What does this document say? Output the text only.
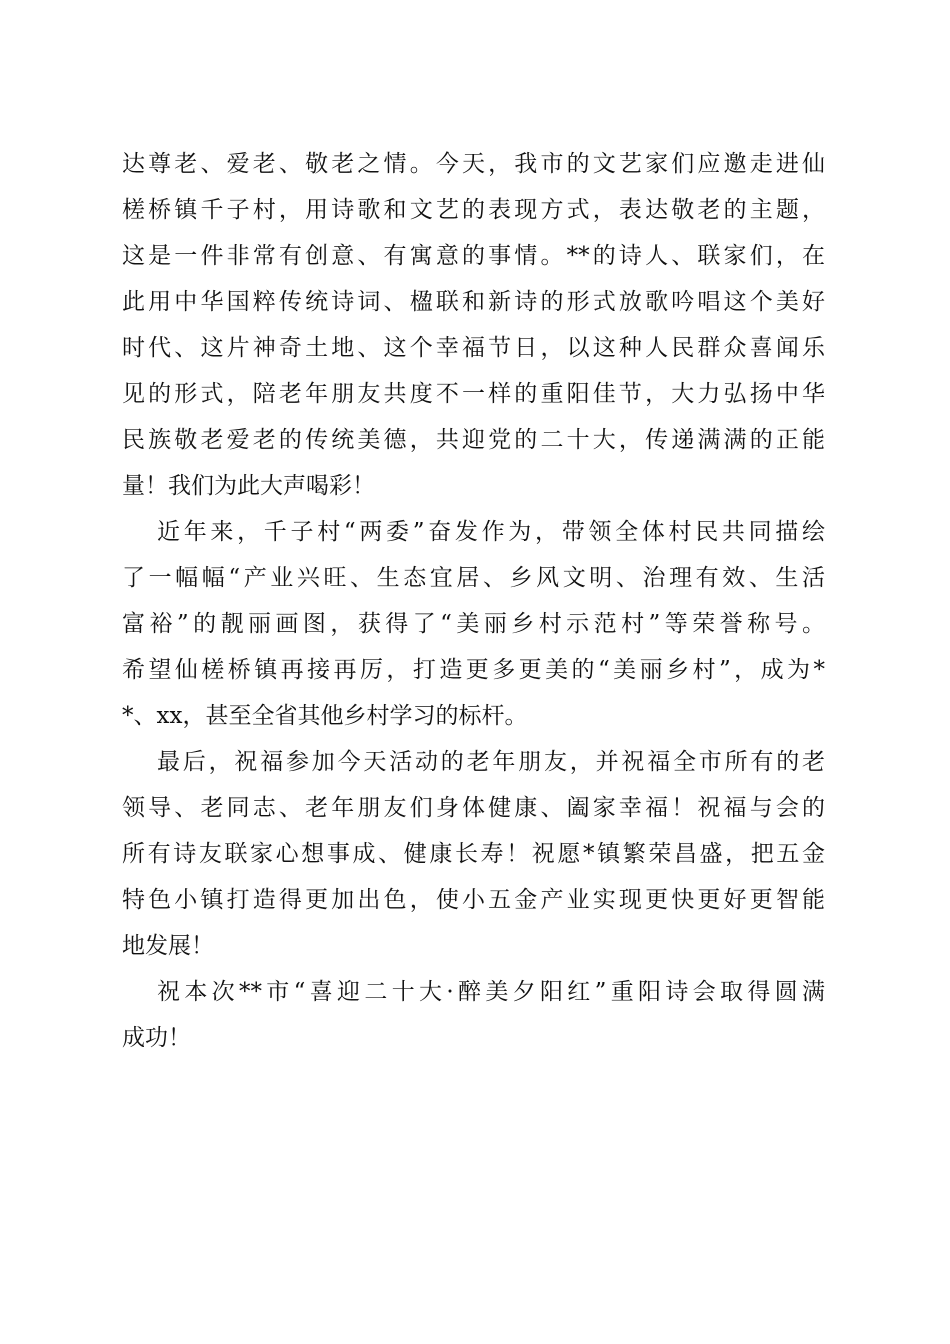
达尊老、爱老、敬老之情。今天，我市的文艺家们应邀走进仙
槎桥镇千子村，用诗歌和文艺的表现方式，表达敬老的主题，
这是一件非常有创意、有寓意的事情。**的诗人、联家们，在
此用中华国粹传统诗词、楹联和新诗的形式放歌吟唱这个美好
时代、这片神奇土地、这个幸福节日，以这种人民群众喜闻乐
见的形式，陪老年朋友共度不一样的重阳佳节，大力弘扬中华
民族敬老爱老的传统美德，共迎党的二十大，传递满满的正能
量！我们为此大声喝彩！
近年来，千子村“两委”奋发作为，带领全体村民共同描绘
了一幅幅“产业兴旺、生态宜居、乡风文明、治理有效、生活
富裕”的靓丽画图，获得了“美丽乡村示范村”等荣誉称号。
希望仙槎桥镇再接再厉，打造更多更美的“美丽乡村”，成为*
*、xx，甚至全省其他乡村学习的标杆。
最后，祝福参加今天活动的老年朋友，并祝福全市所有的老
领导、老同志、老年朋友们身体健康、阖家幸福！祝福与会的
所有诗友联家心想事成、健康长寿！祝愿*镇繁荣昌盛，把五金
特色小镇打造得更加出色，使小五金产业实现更快更好更智能
地发展！
祝本次**市“喜迎二十大·醉美夕阳红”重阳诗会取得圆满
成功！
